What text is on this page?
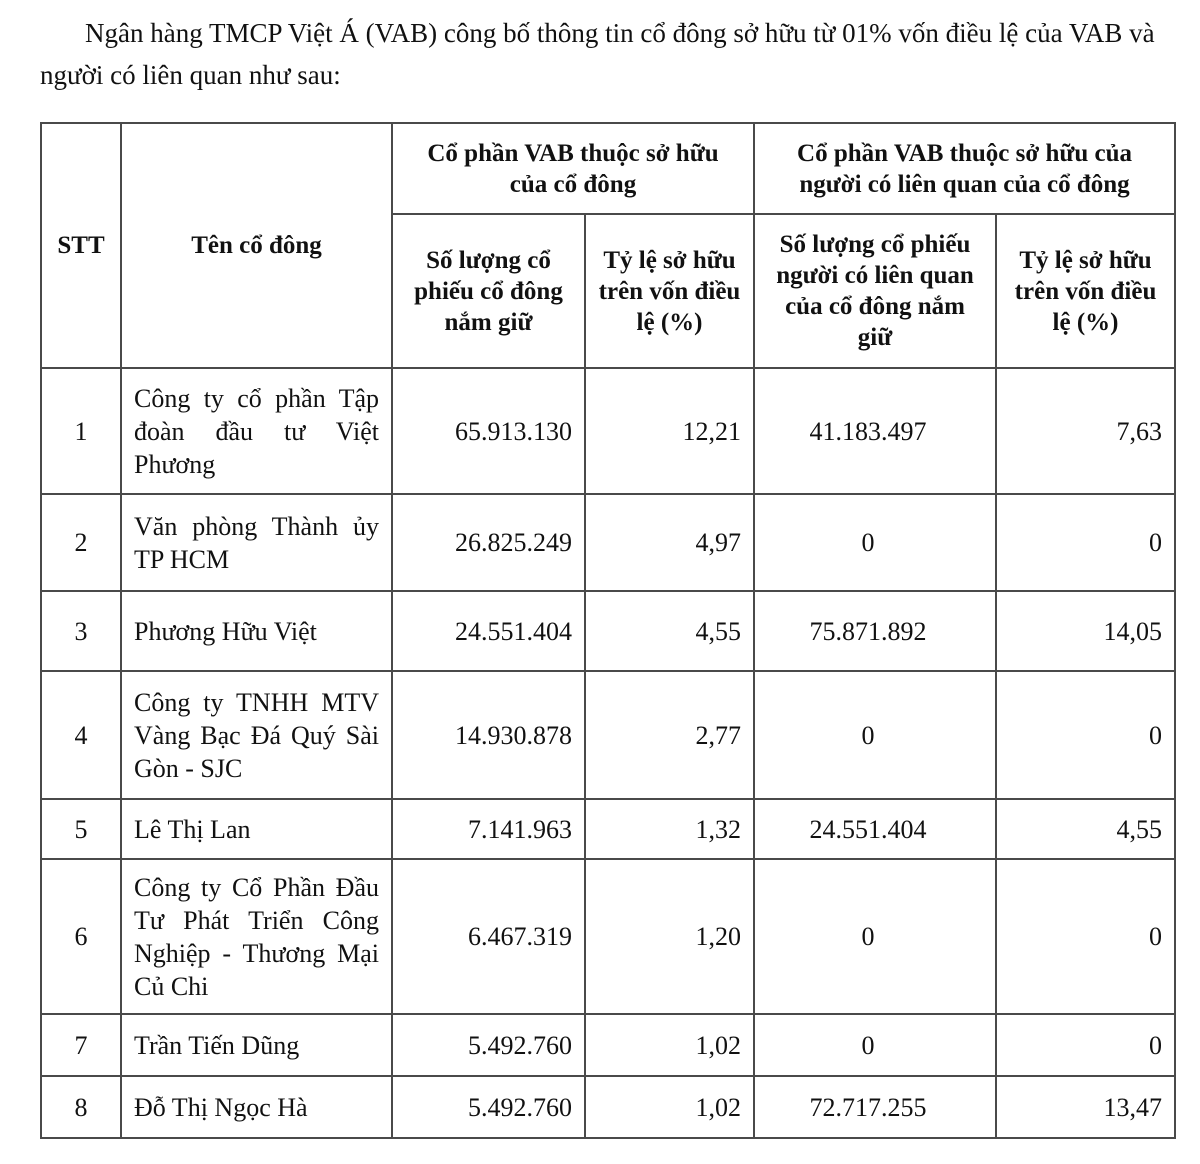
Ngân hàng TMCP Việt Á (VAB) công bố thông tin cổ đông sở hữu từ 01% vốn điều lệ của VAB và người có liên quan như sau:

STT	Tên cổ đông	Cổ phần VAB thuộc sở hữu của cổ đông		Cổ phần VAB thuộc sở hữu của người có liên quan của cổ đông	
		Số lượng cổ phiếu cổ đông nắm giữ	Tỷ lệ sở hữu trên vốn điều lệ (%)	Số lượng cổ phiếu người có liên quan của cổ đông nắm giữ	Tỷ lệ sở hữu trên vốn điều lệ (%)
1	Công ty cổ phần Tập đoàn đầu tư Việt Phương	65.913.130	12,21	41.183.497	7,63
2	Văn phòng Thành ủy TP HCM	26.825.249	4,97	0	0
3	Phương Hữu Việt	24.551.404	4,55	75.871.892	14,05
4	Công ty TNHH MTV Vàng Bạc Đá Quý Sài Gòn - SJC	14.930.878	2,77	0	0
5	Lê Thị Lan	7.141.963	1,32	24.551.404	4,55
6	Công ty Cổ Phần Đầu Tư Phát Triển Công Nghiệp - Thương Mại Củ Chi	6.467.319	1,20	0	0
7	Trần Tiến Dũng	5.492.760	1,02	0	0
8	Đỗ Thị Ngọc Hà	5.492.760	1,02	72.717.255	13,47
